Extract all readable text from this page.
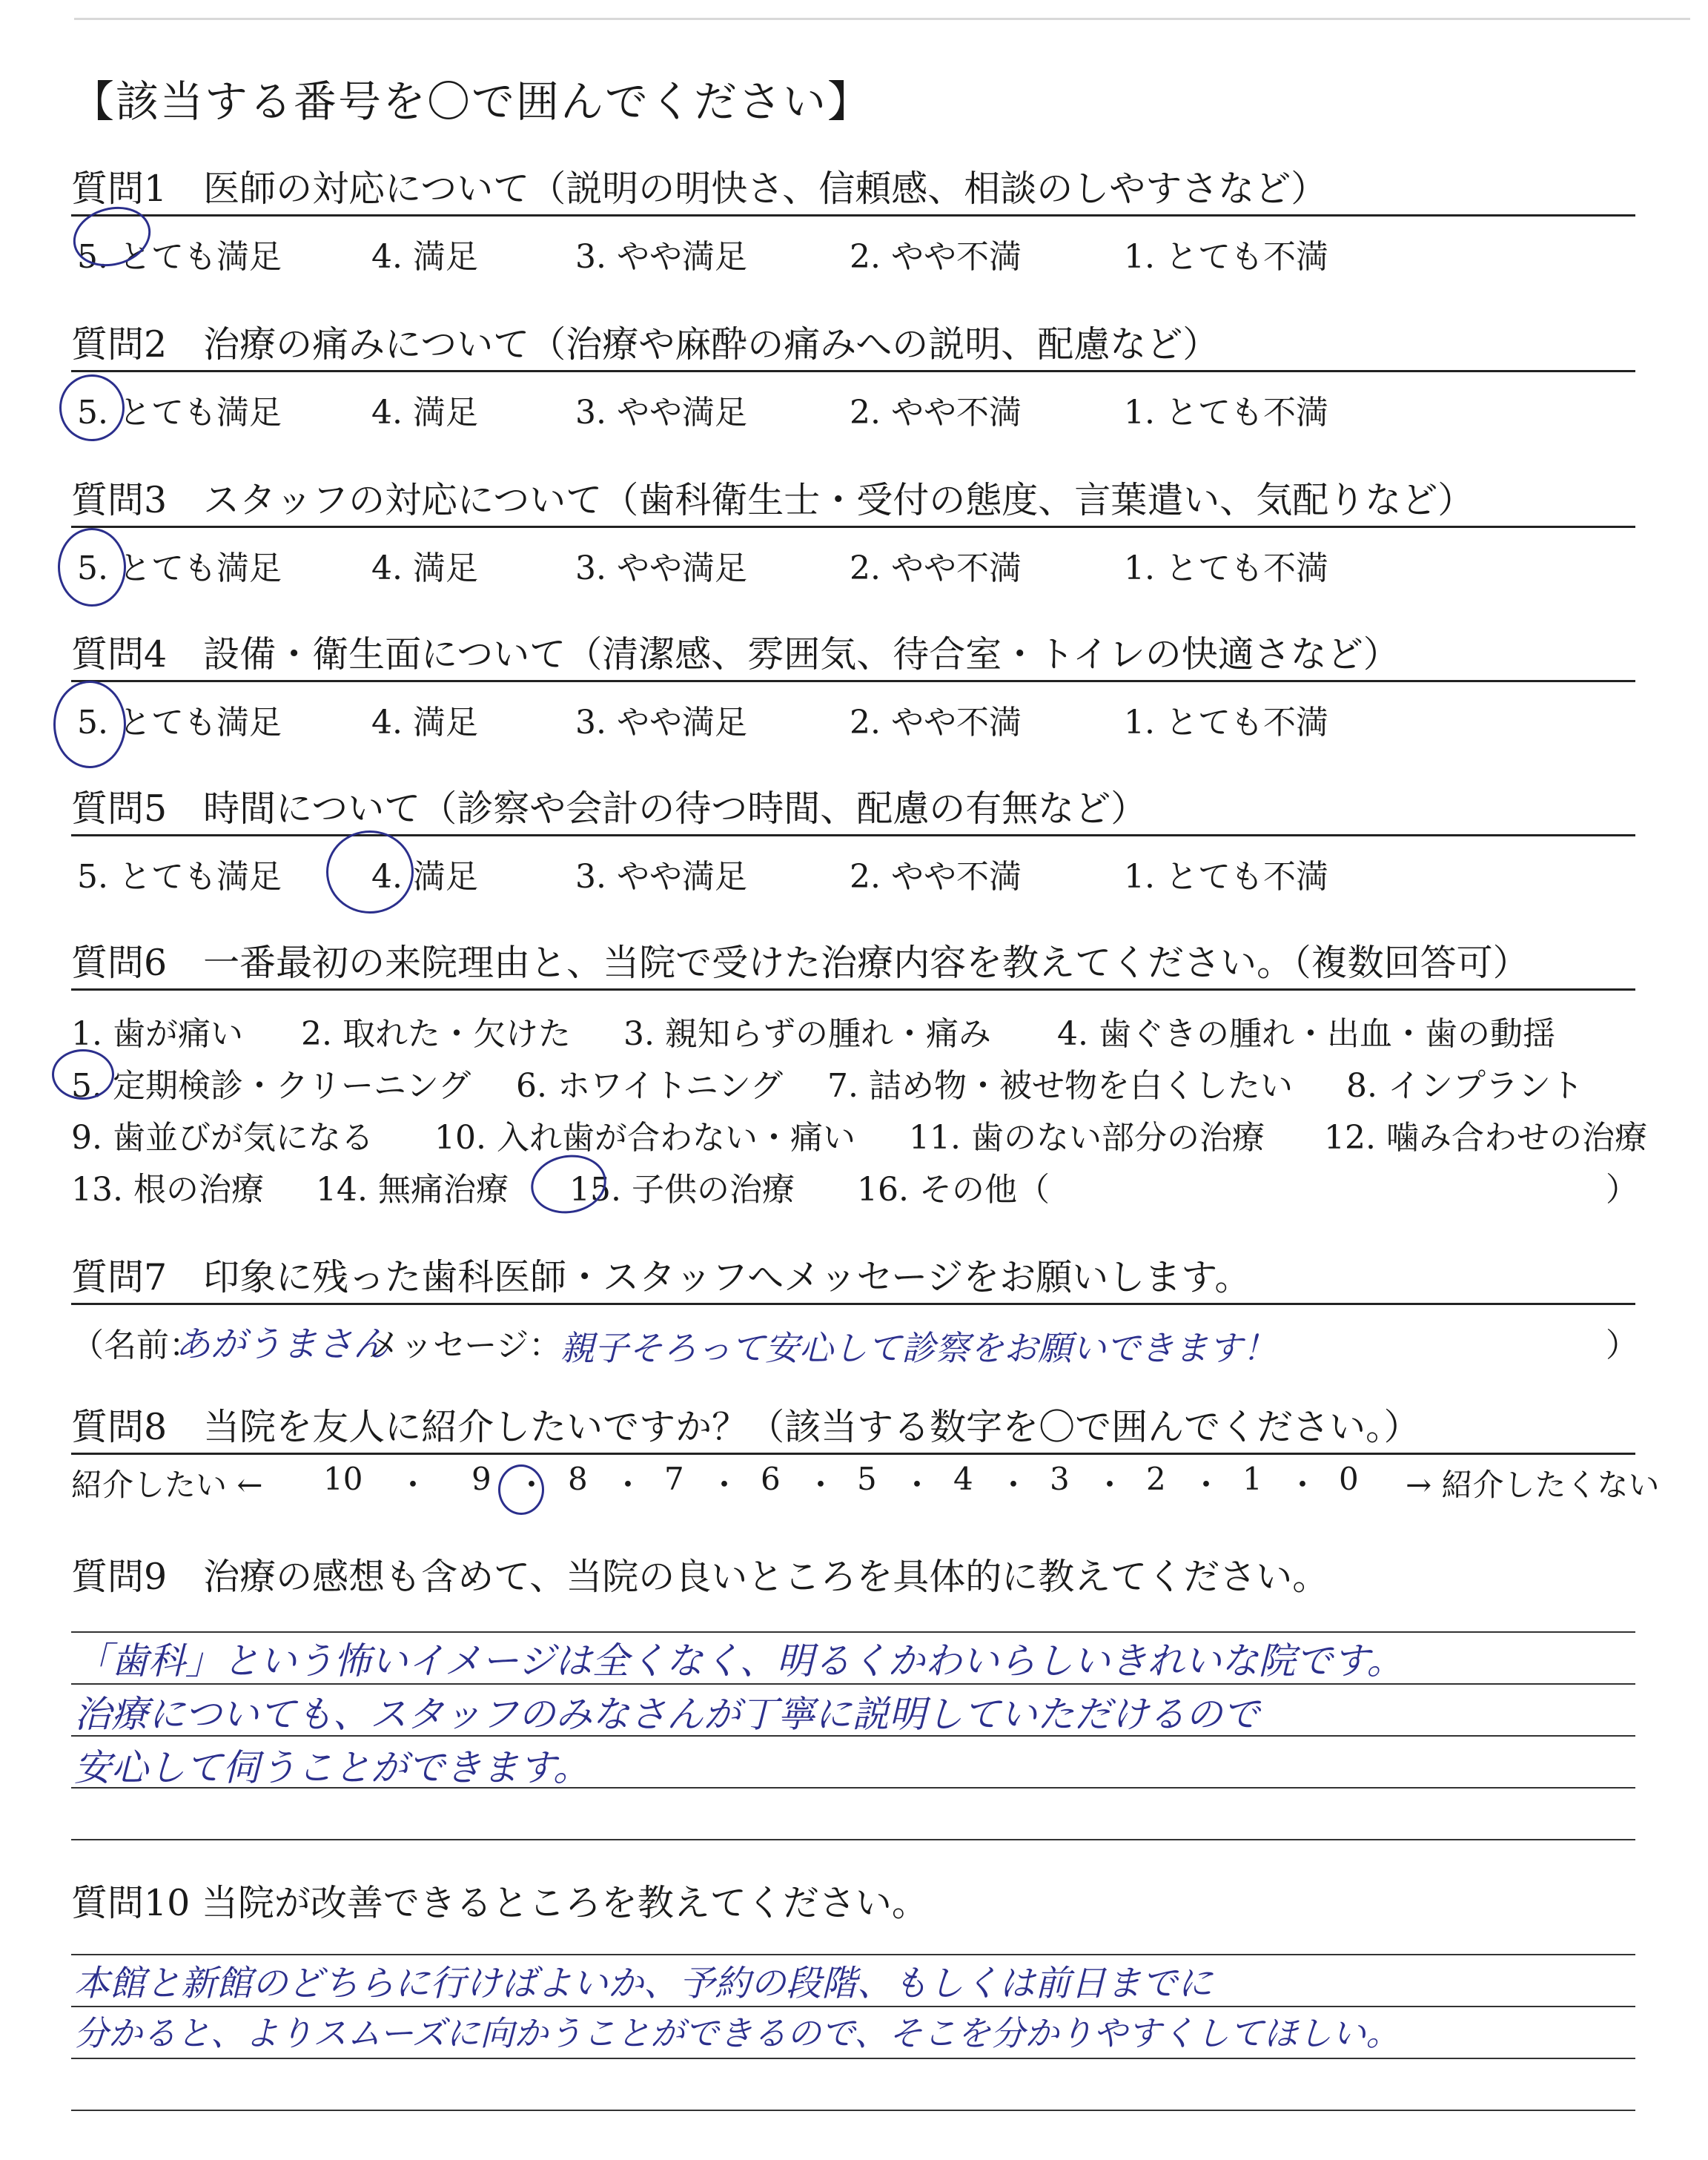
【該当する番号を〇で囲んでください】
質問1　医師の対応について（説明の明快さ、信頼感、相談のしやすさなど）
5. とても満足	4. 満足	3. やや満足	2. やや不満	1. とても不満
質問2　治療の痛みについて（治療や麻酔の痛みへの説明、配慮など）
5. とても満足	4. 満足	3. やや満足	2. やや不満	1. とても不満
質問3　スタッフの対応について（歯科衛生士・受付の態度、言葉遣い、気配りなど）
5. とても満足	4. 満足	3. やや満足	2. やや不満	1. とても不満
質問4　設備・衛生面について（清潔感、雰囲気、待合室・トイレの快適さなど）
5. とても満足	4. 満足	3. やや満足	2. やや不満	1. とても不満
質問5　時間について（診察や会計の待つ時間、配慮の有無など）
5. とても満足	4. 満足	3. やや満足	2. やや不満	1. とても不満
質問6　一番最初の来院理由と、当院で受けた治療内容を教えてください。（複数回答可）
1. 歯が痛い 2. 取れた・欠けた 3. 親知らずの腫れ・痛み 4. 歯ぐきの腫れ・出血・歯の動揺
5. 定期検診・クリーニング 6. ホワイトニング 7. 詰め物・被せ物を白くしたい 8. インプラント
9. 歯並びが気になる 10. 入れ歯が合わない・痛い 11. 歯のない部分の治療 12. 噛み合わせの治療
13. 根の治療 14. 無痛治療 15. 子供の治療 16. その他（	）
質問7　印象に残った歯科医師・スタッフへメッセージをお願いします。
（名前：
あがうまさん
メッセージ：
親子そろって安心して診察をお願いできます！	）
質問8　当院を友人に紹介したいですか？（該当する数字を〇で囲んでください。）
紹介したい ← 10 ・ 9 ・ 8 ・ 7 ・ 6 ・ 5 ・ 4 ・ 3 ・ 2 ・ 1 ・ 0 → 紹介したくない
質問9　治療の感想も含めて、当院の良いところを具体的に教えてください。
「歯科」という怖いイメージは全くなく、明るくかわいらしいきれいな院です。
治療についても、スタッフのみなさんが丁寧に説明していただけるので
安心して伺うことができます。
質問10 当院が改善できるところを教えてください。
本館と新館のどちらに行けばよいか、予約の段階、もしくは前日までに
分かると、よりスムーズに向かうことができるので、そこを分かりやすくしてほしい。
